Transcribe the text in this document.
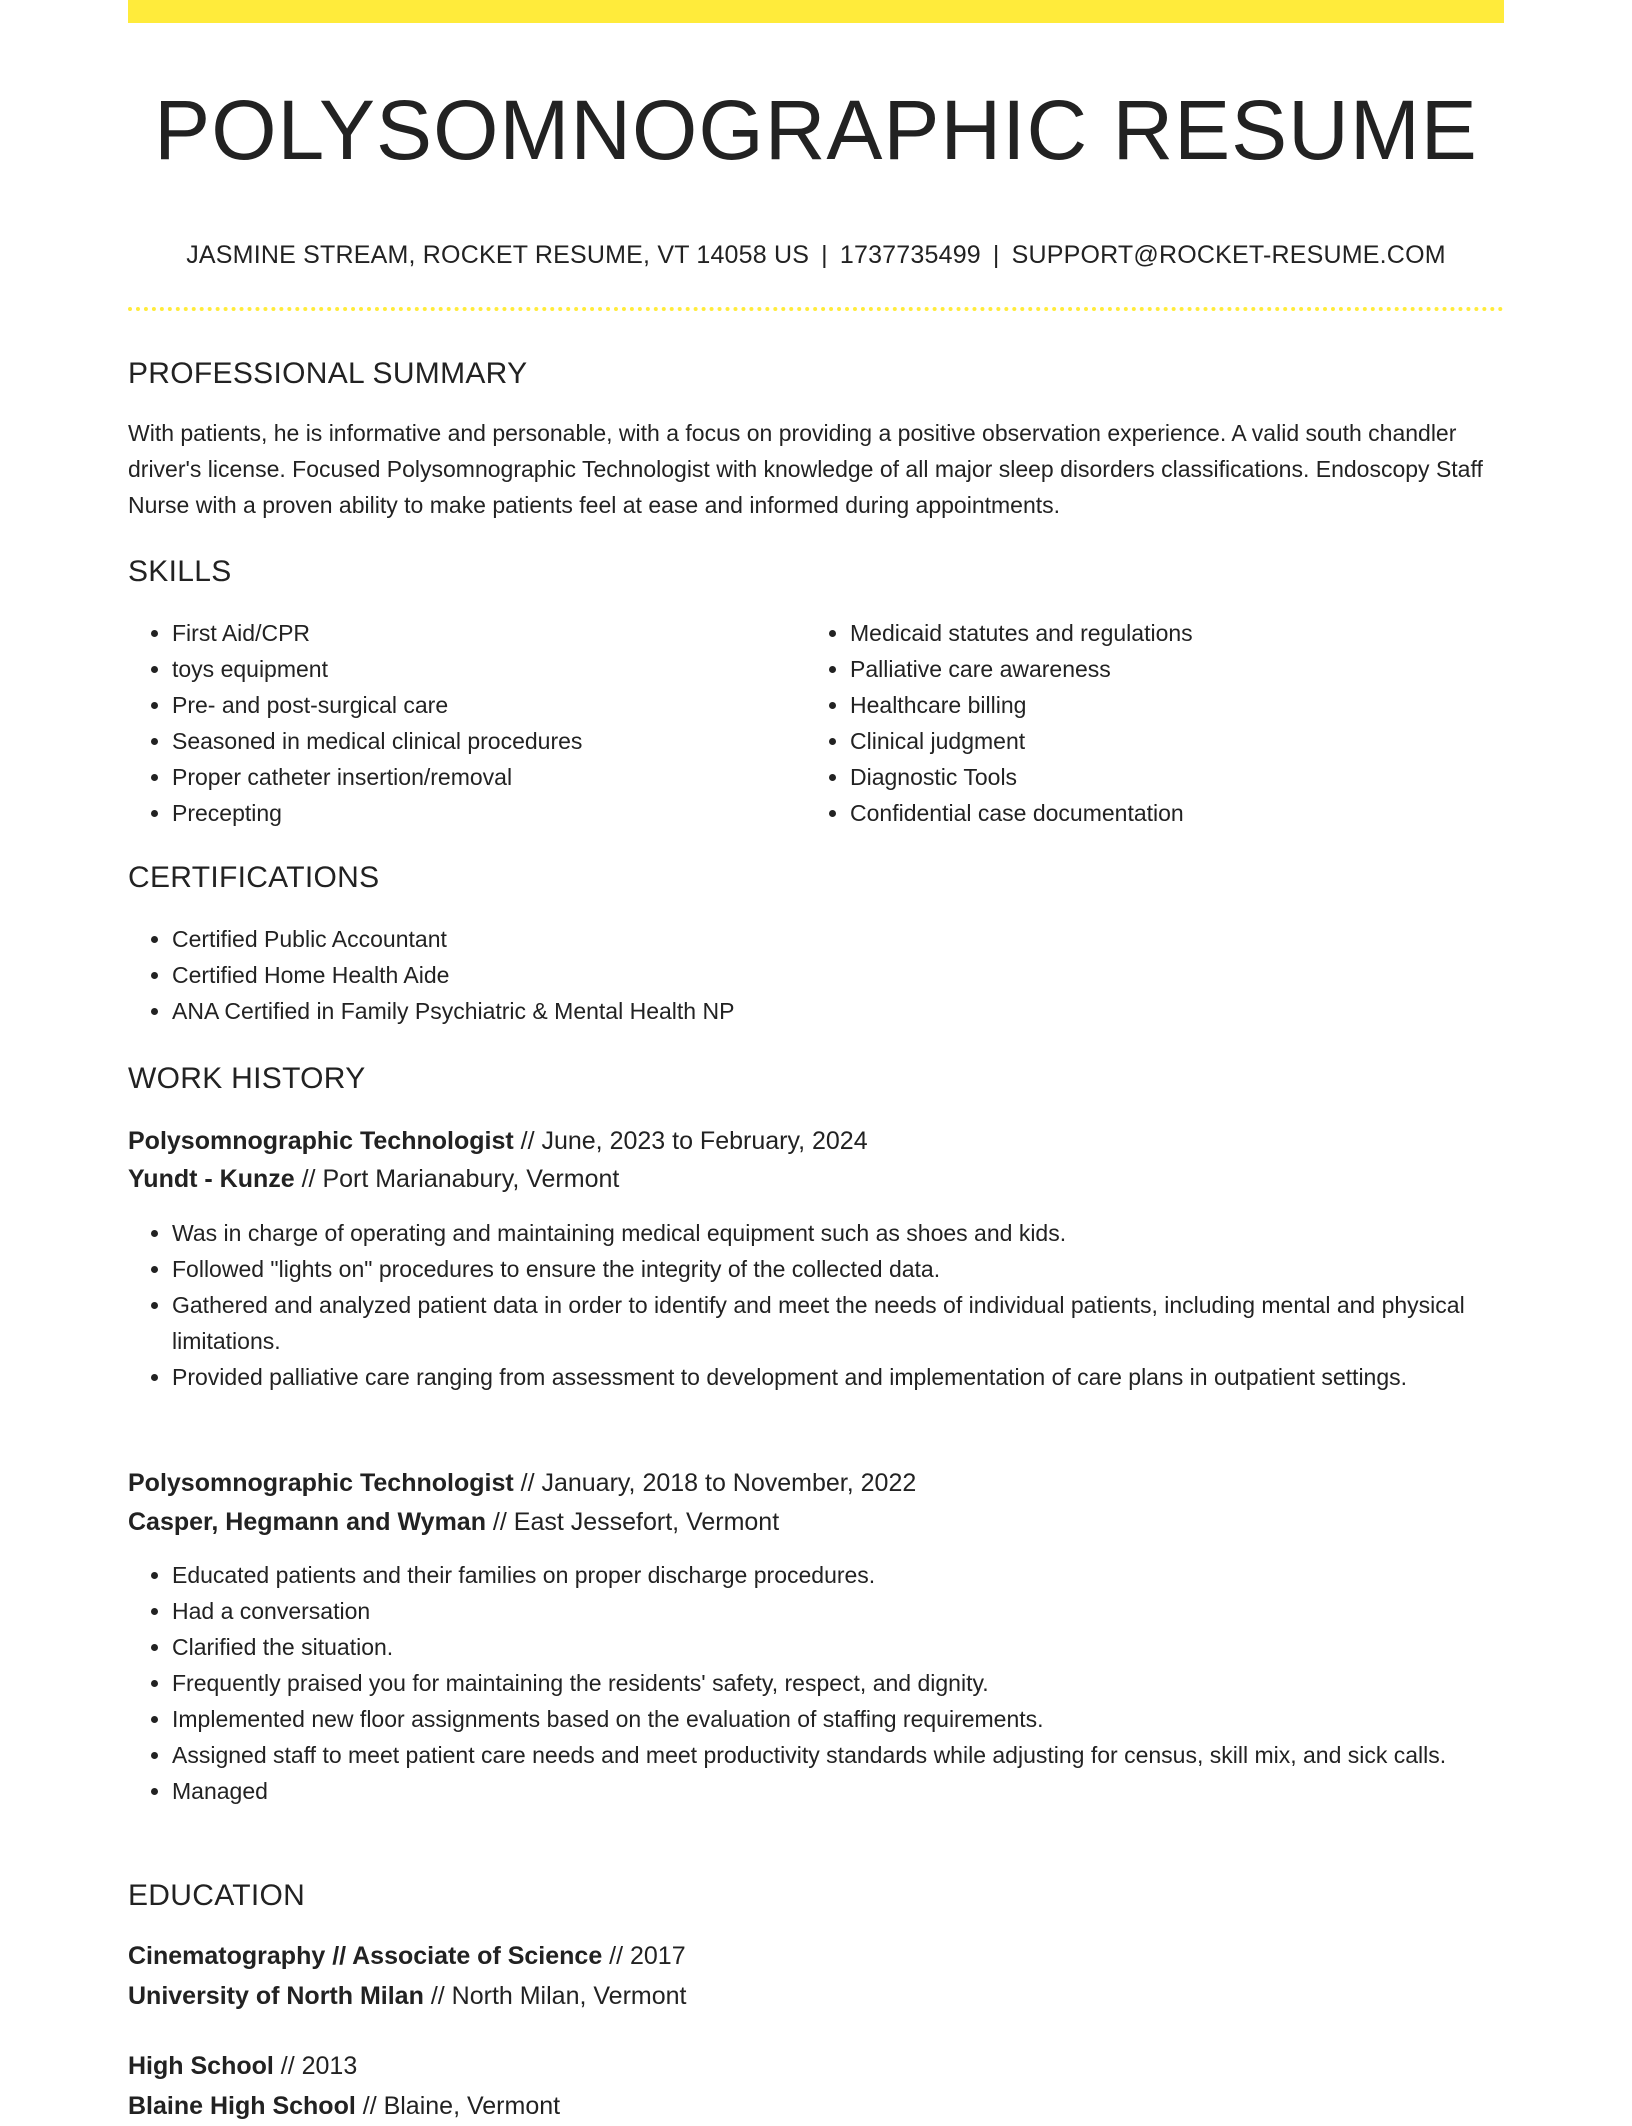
POLYSOMNOGRAPHIC RESUME
JASMINE STREAM, ROCKET RESUME, VT 14058 US | 1737735499 | SUPPORT@ROCKET-RESUME.COM
PROFESSIONAL SUMMARY

With patients, he is informative and personable, with a focus on providing a positive observation experience. A valid south chandler driver's license. Focused Polysomnographic Technologist with knowledge of all major sleep disorders classifications. Endoscopy Staff Nurse with a proven ability to make patients feel at ease and informed during appointments.

SKILLS
• First Aid/CPR
• toys equipment
• Pre- and post-surgical care
• Seasoned in medical clinical procedures
• Proper catheter insertion/removal
• Precepting
• Medicaid statutes and regulations
• Palliative care awareness
• Healthcare billing
• Clinical judgment
• Diagnostic Tools
• Confidential case documentation
CERTIFICATIONS
• Certified Public Accountant
• Certified Home Health Aide
• ANA Certified in Family Psychiatric & Mental Health NP
WORK HISTORY
Polysomnographic Technologist // June, 2023 to February, 2024
Yundt - Kunze // Port Marianabury, Vermont
• Was in charge of operating and maintaining medical equipment such as shoes and kids.
• Followed "lights on" procedures to ensure the integrity of the collected data.
• Gathered and analyzed patient data in order to identify and meet the needs of individual patients, including mental and physical limitations.
• Provided palliative care ranging from assessment to development and implementation of care plans in outpatient settings.
Polysomnographic Technologist // January, 2018 to November, 2022
Casper, Hegmann and Wyman // East Jessefort, Vermont
• Educated patients and their families on proper discharge procedures.
• Had a conversation
• Clarified the situation.
• Frequently praised you for maintaining the residents' safety, respect, and dignity.
• Implemented new floor assignments based on the evaluation of staffing requirements.
• Assigned staff to meet patient care needs and meet productivity standards while adjusting for census, skill mix, and sick calls.
• Managed
EDUCATION
Cinematography // Associate of Science // 2017
University of North Milan // North Milan, Vermont
High School // 2013
Blaine High School // Blaine, Vermont
